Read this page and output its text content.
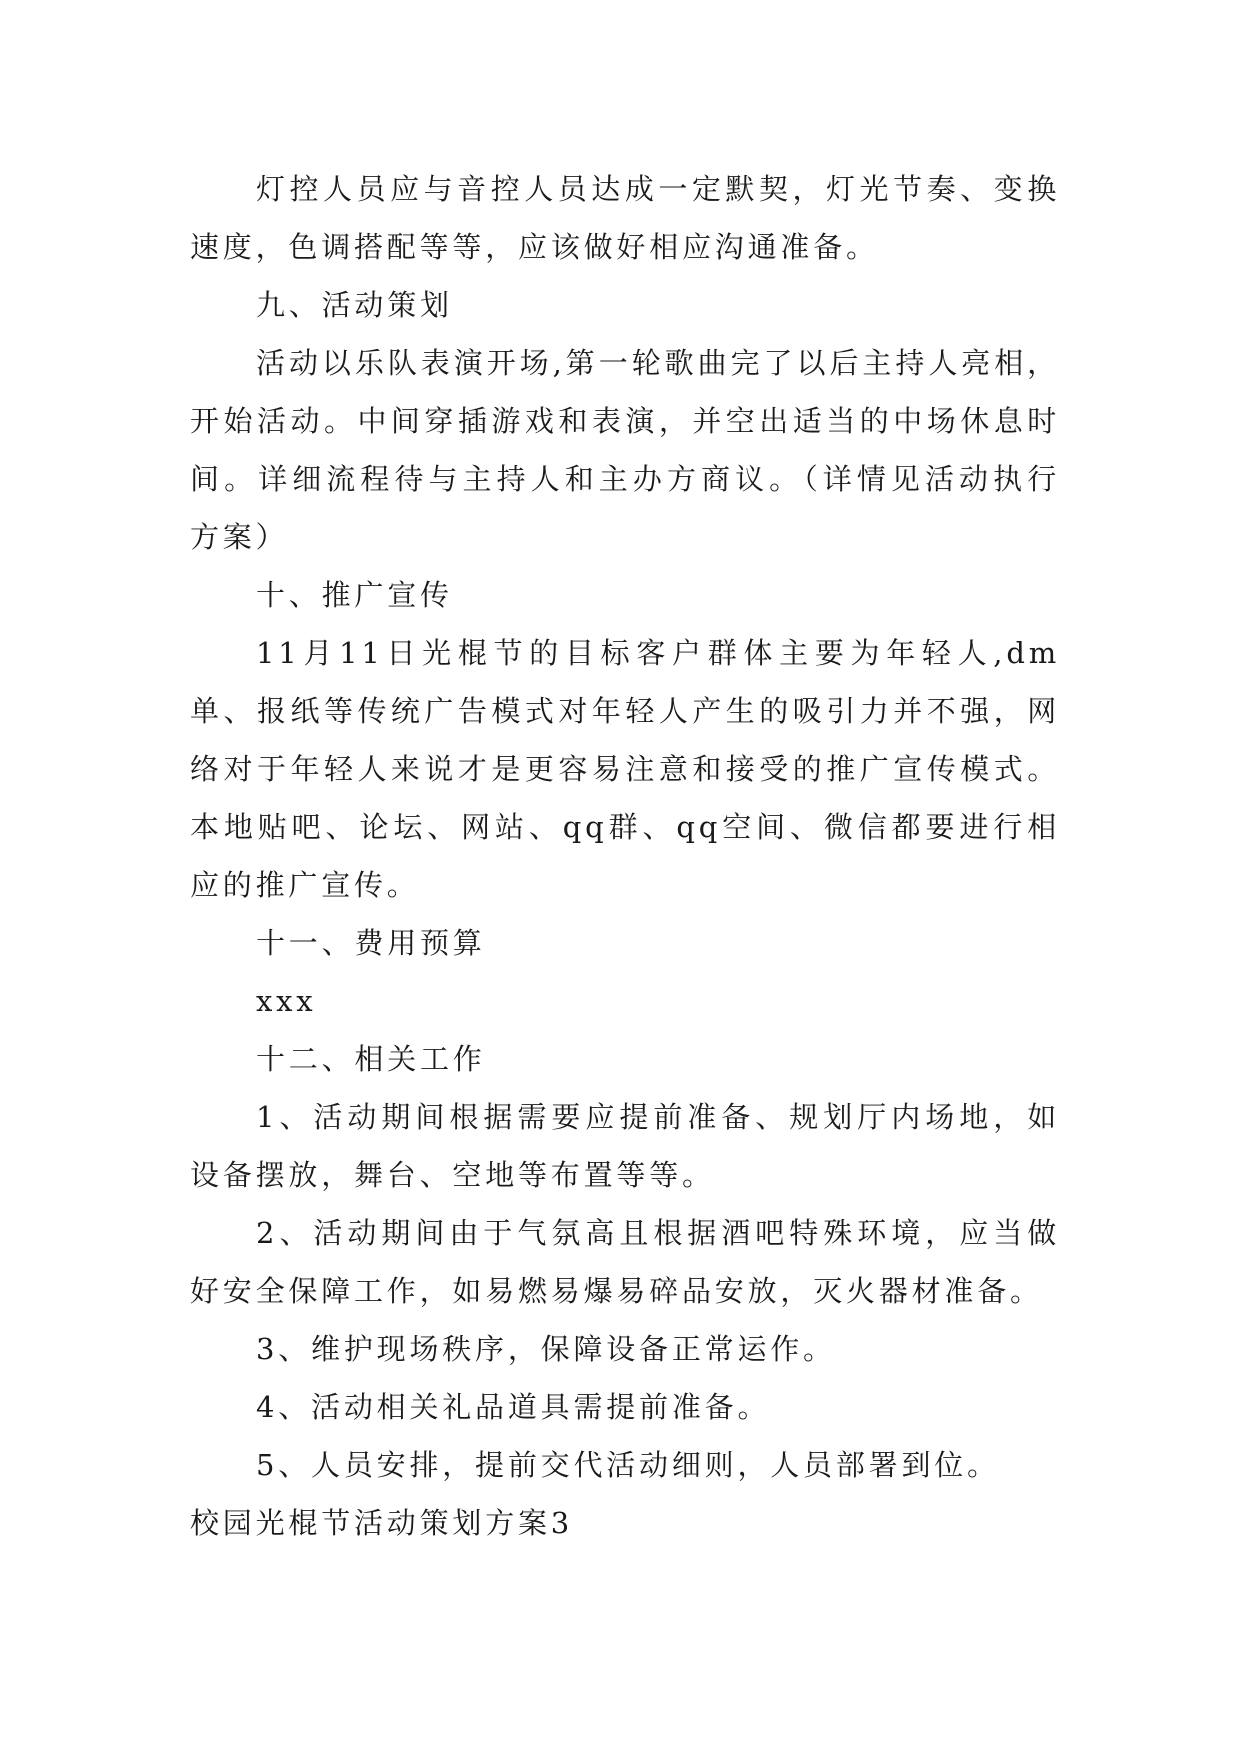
灯控人员应与音控人员达成一定默契，灯光节奏、变换速度，色调搭配等等，应该做好相应沟通准备。

九、活动策划

活动以乐队表演开场,第一轮歌曲完了以后主持人亮相，开始活动。中间穿插游戏和表演，并空出适当的中场休息时间。详细流程待与主持人和主办方商议。（详情见活动执行方案）

十、推广宣传

11月11日光棍节的目标客户群体主要为年轻人,dm单、报纸等传统广告模式对年轻人产生的吸引力并不强，网络对于年轻人来说才是更容易注意和接受的推广宣传模式。本地贴吧、论坛、网站、qq群、qq空间、微信都要进行相应的推广宣传。

十一、费用预算

xxx

十二、相关工作

1、活动期间根据需要应提前准备、规划厅内场地，如设备摆放，舞台、空地等布置等等。

2、活动期间由于气氛高且根据酒吧特殊环境，应当做好安全保障工作，如易燃易爆易碎品安放，灭火器材准备。

3、维护现场秩序，保障设备正常运作。

4、活动相关礼品道具需提前准备。

5、人员安排，提前交代活动细则，人员部署到位。

校园光棍节活动策划方案3
